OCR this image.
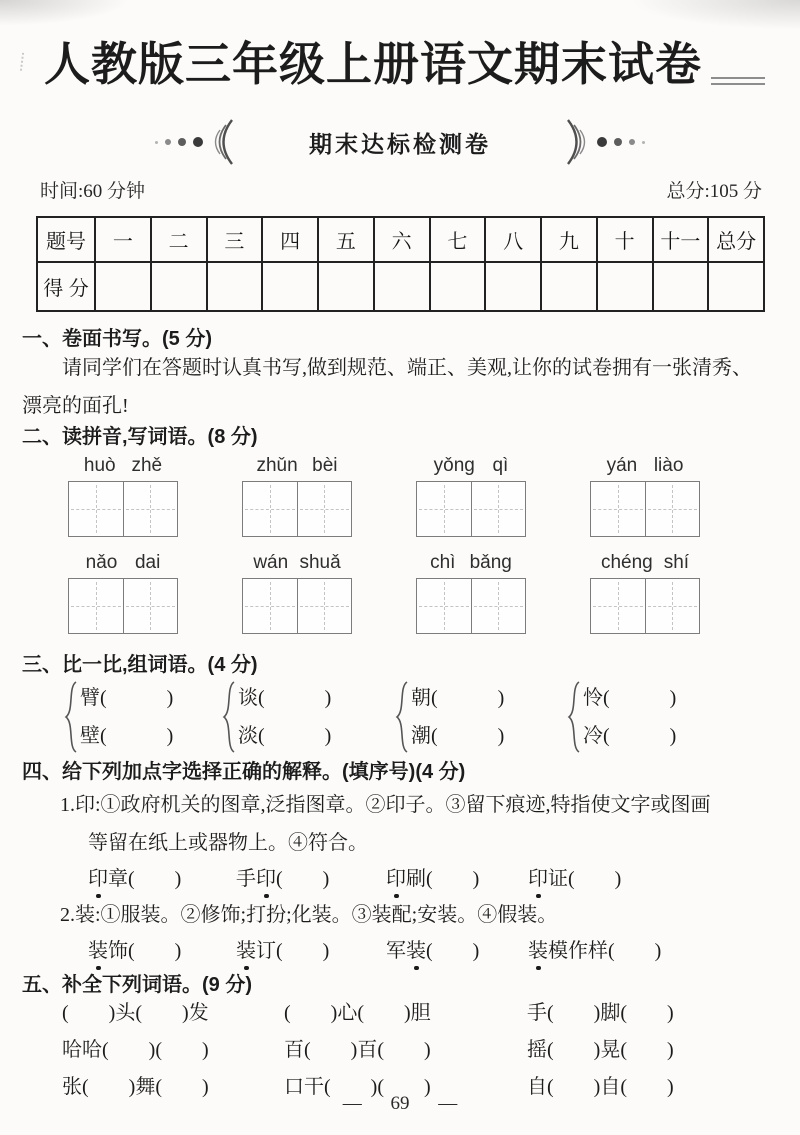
人教版三年级上册语文期末试卷
期末达标检测卷
时间:60 分钟	总分:105 分
题号	一	二	三	四	五	六	七	八	九	十	十一	总分
得 分												
一、卷面书写。(5 分)
请同学们在答题时认真书写,做到规范、端正、美观,让你的试卷拥有一张清秀、
漂亮的面孔!
二、读拼音,写词语。(8 分)
huò zhě	zhǔn bèi	yǒng qì	yán liào
nǎo dai	wán shuǎ	chì bǎng	chéng shí
三、比一比,组词语。(4 分)
臂(　　　)
壁(　　　)
谈(　　　)
淡(　　　)
朝(　　　)
潮(　　　)
怜(　　　)
冷(　　　)
四、给下列加点字选择正确的解释。(填序号)(4 分)
1.印:①政府机关的图章,泛指图章。②印子。③留下痕迹,特指使文字或图画
等留在纸上或器物上。④符合。
印章(　　)	手印(　　)	印刷(　　)	印证(　　)
2.装:①服装。②修饰;打扮;化装。③装配;安装。④假装。
装饰(　　)	装订(　　)	军装(　　)	装模作样(　　)
五、补全下列词语。(9 分)
(　　)头(　　)发	(　　)心(　　)胆	手(　　)脚(　　)
哈哈(　　)(　　)	百(　　)百(　　)	摇(　　)晃(　　)
张(　　)舞(　　)	口干(　　)(　　)	自(　　)自(　　)
— 69 —
